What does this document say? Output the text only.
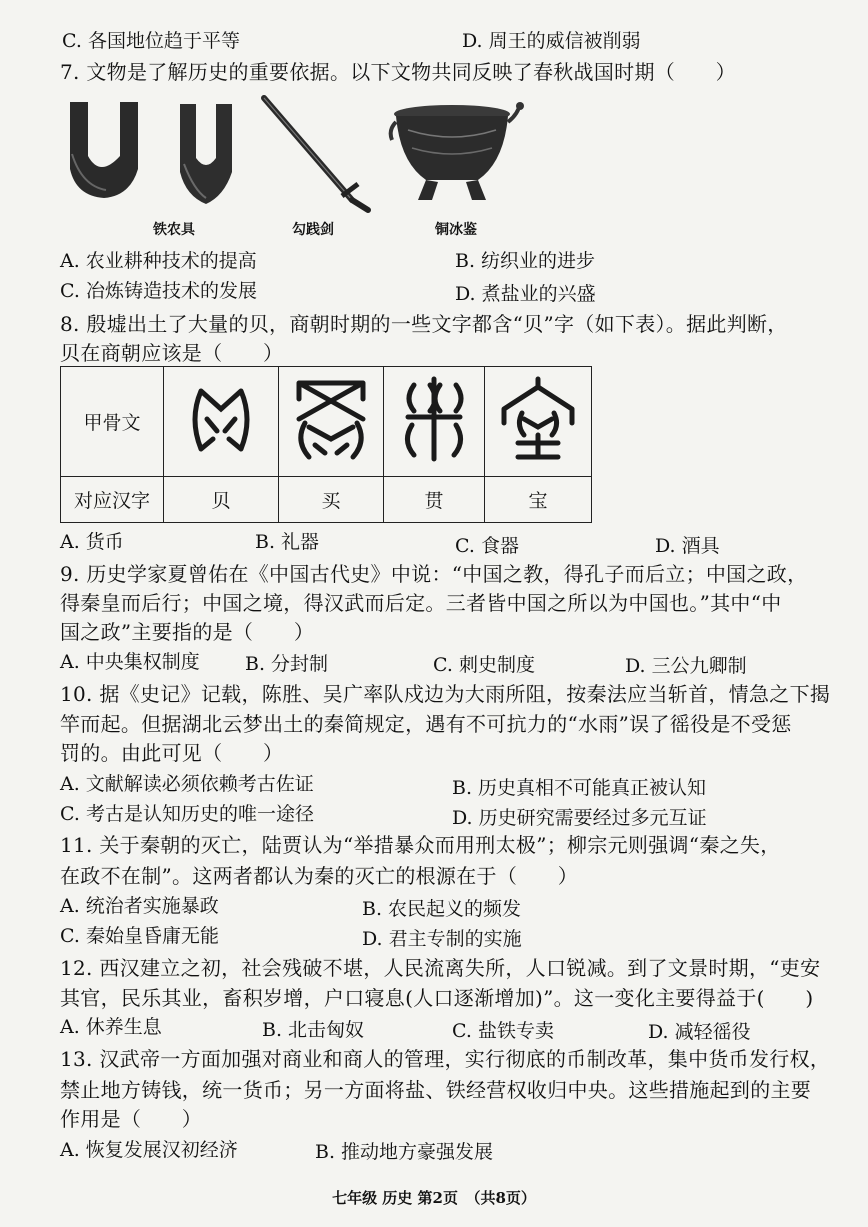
C. 各国地位趋于平等	D. 周王的威信被削弱
7. 文物是了解历史的重要依据。以下文物共同反映了春秋战国时期（　　）
铁农具	勾践剑	铜冰鉴
A. 农业耕种技术的提高	B. 纺织业的进步
C. 冶炼铸造技术的发展	D. 煮盐业的兴盛
8. 殷墟出土了大量的贝，商朝时期的一些文字都含“贝”字（如下表）。据此判断，
贝在商朝应该是（　　）
甲骨文				
对应汉字	贝	买	贯	宝
A. 货币	B. 礼器	C. 食器	D. 酒具
9. 历史学家夏曾佑在《中国古代史》中说：“中国之教，得孔子而后立；中国之政，
得秦皇而后行；中国之境，得汉武而后定。三者皆中国之所以为中国也。”其中“中
国之政”主要指的是（　　）
A. 中央集权制度 B. 分封制	C. 刺史制度	D. 三公九卿制
10. 据《史记》记载，陈胜、吴广率队戍边为大雨所阻，按秦法应当斩首，情急之下揭
竿而起。但据湖北云梦出土的秦简规定，遇有不可抗力的“水雨”误了徭役是不受惩
罚的。由此可见（　　）
A. 文献解读必须依赖考古佐证	B. 历史真相不可能真正被认知
C. 考古是认知历史的唯一途径	D. 历史研究需要经过多元互证
11. 关于秦朝的灭亡，陆贾认为“举措暴众而用刑太极”；柳宗元则强调“秦之失，
在政不在制”。这两者都认为秦的灭亡的根源在于（　　）
A. 统治者实施暴政	B. 农民起义的频发
C. 秦始皇昏庸无能	D. 君主专制的实施
12. 西汉建立之初，社会残破不堪，人民流离失所，人口锐减。到了文景时期，“吏安
其官，民乐其业，畜积岁增，户口寝息(人口逐渐增加)”。这一变化主要得益于(　　)
A. 休养生息	B. 北击匈奴	C. 盐铁专卖	D. 减轻徭役
13. 汉武帝一方面加强对商业和商人的管理，实行彻底的币制改革，集中货币发行权，
禁止地方铸钱，统一货币；另一方面将盐、铁经营权收归中央。这些措施起到的主要
作用是（　　）
A. 恢复发展汉初经济	B. 推动地方豪强发展
七年级 历史 第2页　（共8页）
